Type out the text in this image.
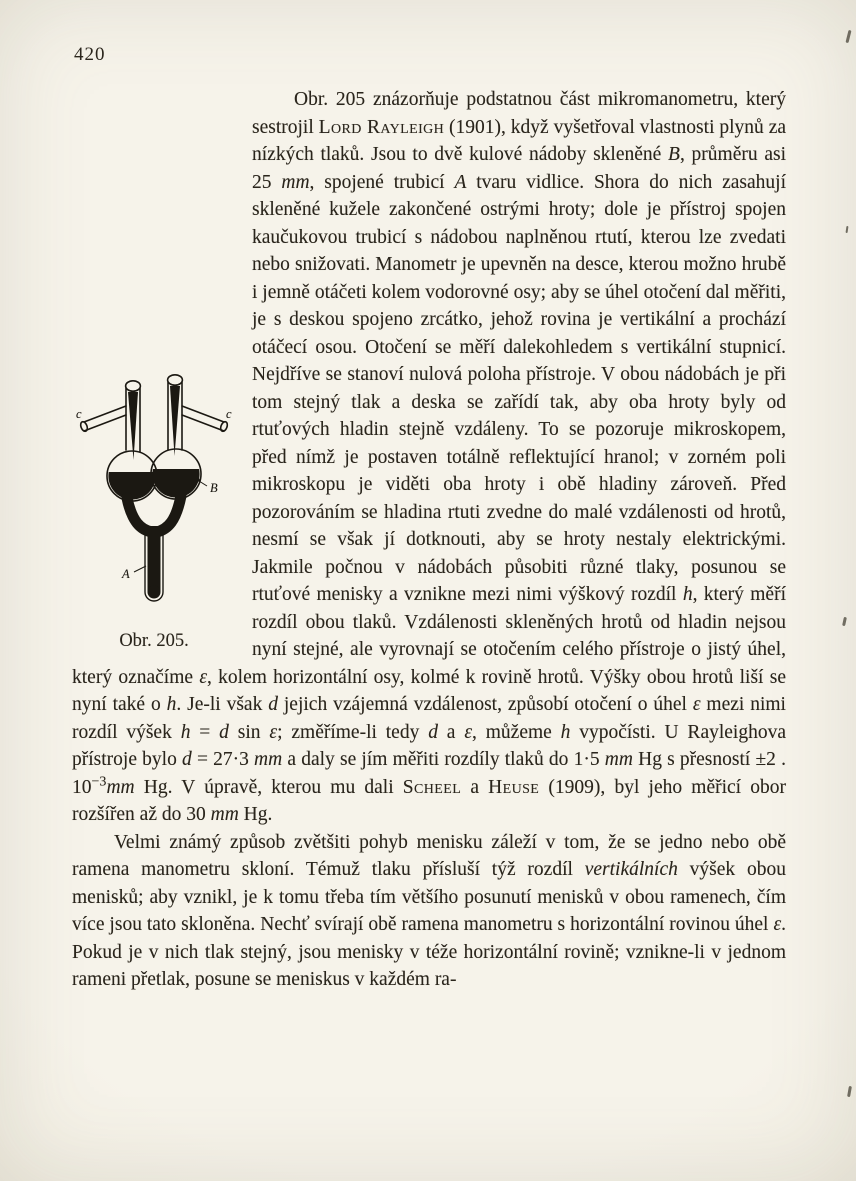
420
c	c
B
A
Obr. 205.

Obr. 205 znázorňuje podstatnou část mikromanometru, který sestrojil Lord Rayleigh (1901), když vyšetřoval vlastnosti plynů za nízkých tlaků. Jsou to dvě kulové nádoby skleněné B, průměru asi 25 mm, spojené trubicí A tvaru vidlice. Shora do nich zasahují skleněné kužele zakončené ostrými hroty; dole je přístroj spojen kaučukovou trubicí s nádobou naplněnou rtutí, kterou lze zvedati nebo snižovati. Manometr je upevněn na desce, kterou možno hrubě i jemně otáčeti kolem vodorovné osy; aby se úhel otočení dal měřiti, je s deskou spojeno zrcátko, jehož rovina je vertikální a prochází otáčecí osou. Otočení se měří dalekohledem s vertikální stupnicí. Nejdříve se stanoví nulová poloha přístroje. V obou nádobách je při tom stejný tlak a deska se zařídí tak, aby oba hroty byly od rtuťových hladin stejně vzdáleny. To se pozoruje mikroskopem, před nímž je postaven totálně reflektující hranol; v zorném poli mikroskopu je viděti oba hroty i obě hladiny zároveň. Před pozorováním se hladina rtuti zvedne do malé vzdálenosti od hrotů, nesmí se však jí dotknouti, aby se hroty nestaly elektrickými. Jakmile počnou v nádobách působiti různé tlaky, posunou se rtuťové menisky a vznikne mezi nimi výškový rozdíl h, který měří rozdíl obou tlaků. Vzdálenosti skleněných hrotů od hladin nejsou nyní stejné, ale vyrovnají se otočením celého přístroje o jistý úhel, který označíme ε, kolem horizontální osy, kolmé k rovině hrotů. Výšky obou hrotů liší se nyní také o h. Je-li však d jejich vzájemná vzdálenost, způsobí otočení o úhel ε mezi nimi rozdíl výšek h = d sin ε; změříme-li tedy d a ε, můžeme h vypočísti. U Rayleighova přístroje bylo d = 27·3 mm a daly se jím měřiti rozdíly tlaků do 1·5 mm Hg s přesností ±2 . $10^{-3}mm$ Hg. V úpravě, kterou mu dali Scheel a Heuse (1909), byl jeho měřicí obor rozšířen až do 30 mm Hg.

Velmi známý způsob zvětšiti pohyb menisku záleží v tom, že se jedno nebo obě ramena manometru skloní. Témuž tlaku přísluší týž rozdíl vertikálních výšek obou menisků; aby vznikl, je k tomu třeba tím většího posunutí menisků v obou ramenech, čím více jsou tato skloněna. Nechť svírají obě ramena manometru s horizontální rovinou úhel ε. Pokud je v nich tlak stejný, jsou menisky v téže horizontální rovině; vznikne-li v jednom rameni přetlak, posune se meniskus v každém ra-
